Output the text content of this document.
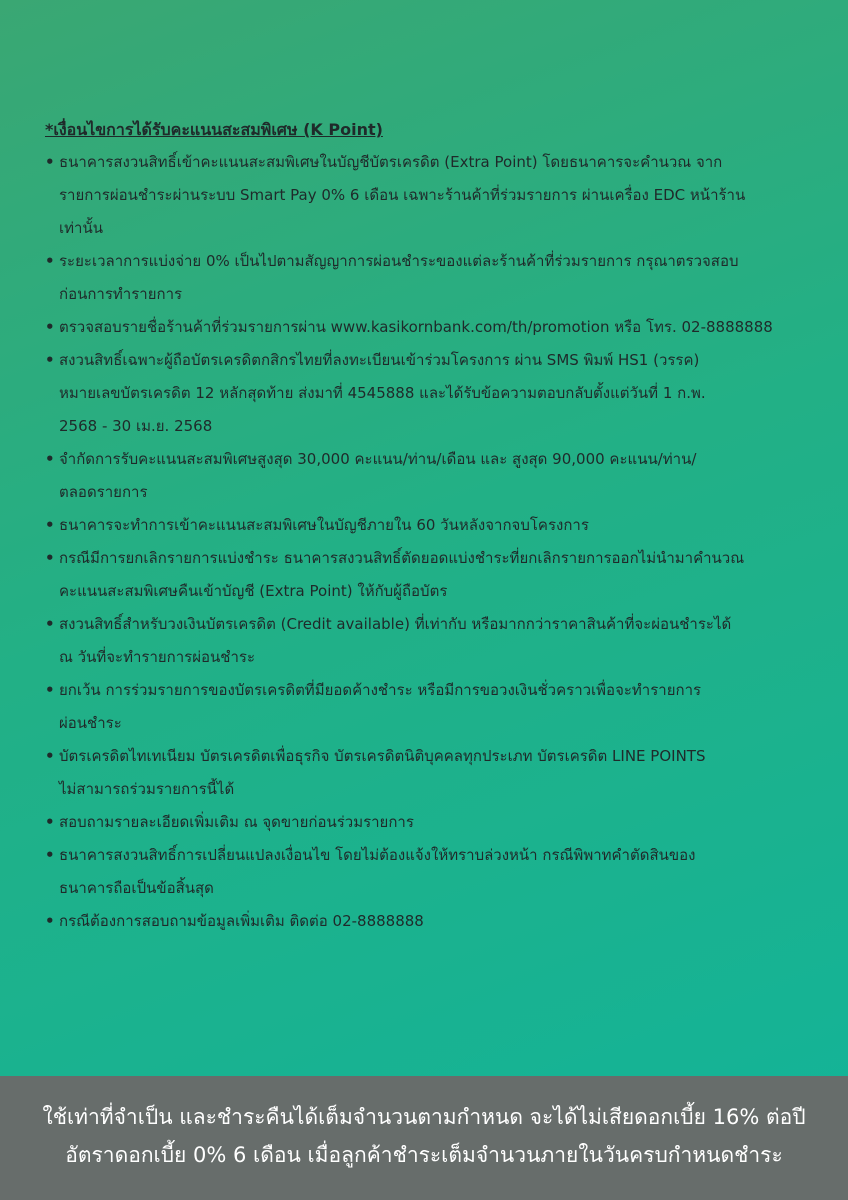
*เงื่อนไขการได้รับคะแนนสะสมพิเศษ (K Point)
• ธนาคารสงวนสิทธิ์เข้าคะแนนสะสมพิเศษในบัญชีบัตรเครดิต (Extra Point) โดยธนาคารจะคำนวณ จาก
รายการผ่อนชำระผ่านระบบ Smart Pay 0% 6 เดือน เฉพาะร้านค้าที่ร่วมรายการ ผ่านเครื่อง EDC หน้าร้าน
เท่านั้น
• ระยะเวลาการแบ่งจ่าย 0% เป็นไปตามสัญญาการผ่อนชำระของแต่ละร้านค้าที่ร่วมรายการ กรุณาตรวจสอบ
ก่อนการทำรายการ
• ตรวจสอบรายชื่อร้านค้าที่ร่วมรายการผ่าน www.kasikornbank.com/th/promotion หรือ โทร. 02-8888888
• สงวนสิทธิ์เฉพาะผู้ถือบัตรเครดิตกสิกรไทยที่ลงทะเบียนเข้าร่วมโครงการ ผ่าน SMS พิมพ์ HS1 (วรรค)
หมายเลขบัตรเครดิต 12 หลักสุดท้าย ส่งมาที่ 4545888 และได้รับข้อความตอบกลับตั้งแต่วันที่ 1 ก.พ.
2568 - 30 เม.ย. 2568
• จำกัดการรับคะแนนสะสมพิเศษสูงสุด 30,000 คะแนน/ท่าน/เดือน และ สูงสุด 90,000 คะแนน/ท่าน/
ตลอดรายการ
• ธนาคารจะทำการเข้าคะแนนสะสมพิเศษในบัญชีภายใน 60 วันหลังจากจบโครงการ
• กรณีมีการยกเลิกรายการแบ่งชำระ ธนาคารสงวนสิทธิ์ตัดยอดแบ่งชำระที่ยกเลิกรายการออกไม่นำมาคำนวณ
คะแนนสะสมพิเศษคืนเข้าบัญชี (Extra Point) ให้กับผู้ถือบัตร
• สงวนสิทธิ์สำหรับวงเงินบัตรเครดิต (Credit available) ที่เท่ากับ หรือมากกว่าราคาสินค้าที่จะผ่อนชำระได้
ณ วันที่จะทำรายการผ่อนชำระ
• ยกเว้น การร่วมรายการของบัตรเครดิตที่มียอดค้างชำระ หรือมีการขอวงเงินชั่วคราวเพื่อจะทำรายการ
ผ่อนชำระ
• บัตรเครดิตไทเทเนียม บัตรเครดิตเพื่อธุรกิจ บัตรเครดิตนิติบุคคลทุกประเภท บัตรเครดิต LINE POINTS
ไม่สามารถร่วมรายการนี้ได้
• สอบถามรายละเอียดเพิ่มเติม ณ จุดขายก่อนร่วมรายการ
• ธนาคารสงวนสิทธิ์การเปลี่ยนแปลงเงื่อนไข โดยไม่ต้องแจ้งให้ทราบล่วงหน้า กรณีพิพาทคำตัดสินของ
ธนาคารถือเป็นข้อสิ้นสุด
• กรณีต้องการสอบถามข้อมูลเพิ่มเติม ติดต่อ 02-8888888
ใช้เท่าที่จำเป็น และชำระคืนได้เต็มจำนวนตามกำหนด จะได้ไม่เสียดอกเบี้ย 16% ต่อปี
อัตราดอกเบี้ย 0% 6 เดือน เมื่อลูกค้าชำระเต็มจำนวนภายในวันครบกำหนดชำระ
